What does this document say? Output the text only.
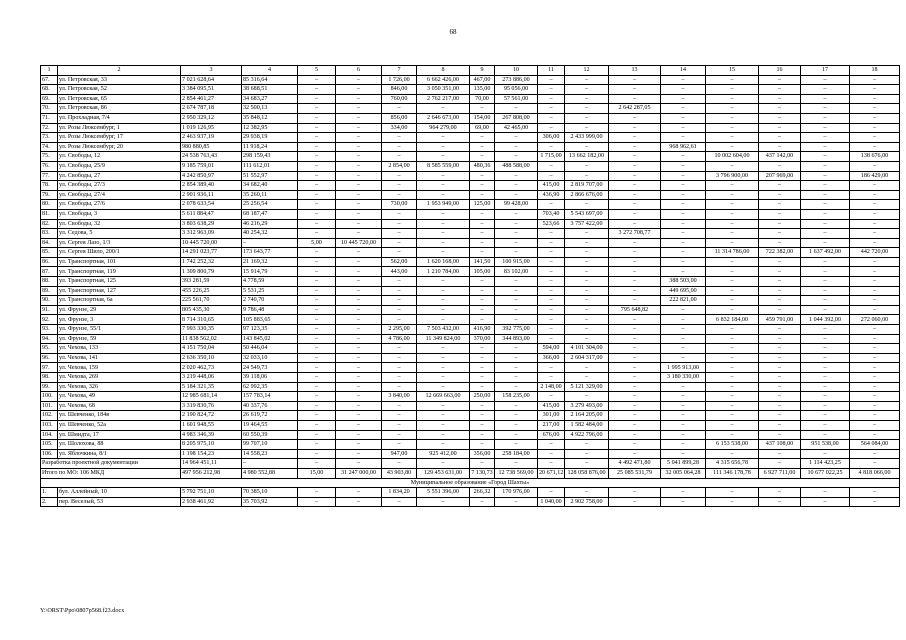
68
1	2	3	4	5	6	7	8	9	10	11	12	13	14	15	16	17	18
67.	ул. Петровская, 33	7 021 628,64	85 316,64	–	–	1 726,00	6 662 426,00	467,00	273 886,00	–	–	–	–	–	–	–	–
68.	ул. Петровская, 52	3 384 095,51	38 688,51	–	–	846,00	3 050 351,00	135,00	95 056,00	–	–	–	–	–	–	–	–
69.	ул. Петровская, 65	2 854 461,27	34 683,27	–	–	760,00	2 762 217,00	70,00	57 561,00	–	–	–	–	–	–	–	–
70.	ул. Петровская, 86	2 674 787,18	32 500,13	–	–	–	–	–	–	–	–	2 642 287,05	–	–	–	–	–
71.	ул. Прохладная, 7/4	2 950 329,12	35 848,12	–	–	856,00	2 646 673,00	154,00	267 808,00	–	–	–	–	–	–	–	–
72.	ул. Розы Люксембург, 1	1 019 126,95	12 382,95	–	–	334,00	964 279,00	69,00	42 465,00	–	–	–	–	–	–	–	–
73.	ул. Розы Люксембург, 17	2 463 937,19	29 938,19	–	–	–	–	–	–	306,00	2 433 999,00	–	–	–	–	–	–
74.	ул. Розы Люксембург, 20	980 880,85	11 918,24	–	–	–	–	–	–	–	–	–	968 962,61	–	–	–	–
75.	ул. Свободы, 12	24 538 763,43	298 159,43	–	–	–	–	–	–	1 715,00	13 662 182,00	–	–	10 002 604,00	437 142,00	–	138 676,00
76.	ул. Свободы, 25/9	9 185 759,01	111 612,01	–	–	2 854,00	8 585 559,00	480,36	488 588,00	–	–	–	–	–	–	–	–
77.	ул. Свободы, 27	4 242 850,97	51 552,97	–	–	–	–	–	–	–	–	–	–	3 796 900,00	207 969,00	–	186 429,00
78.	ул. Свободы, 27/3	2 854 389,40	34 682,40	–	–	–	–	–	–	415,00	2 819 707,00	–	–	–	–	–	–
79.	ул. Свободы, 27/4	2 901 936,11	35 260,11	–	–	–	–	–	–	436,90	2 866 676,00	–	–	–	–	–	–
80.	ул. Свободы, 27/6	2 078 633,54	25 256,54	–	–	730,00	1 953 949,00	125,00	99 428,00	–	–	–	–	–	–	–	–
81.	ул. Свободы, 3	5 611 884,47	68 187,47	–	–	–	–	–	–	703,40	5 543 697,00	–	–	–	–	–	–
82.	ул. Свободы, 32	3 803 638,29	46 216,29	–	–	–	–	–	–	523,66	3 757 422,00	–	–	–	–	–	–
83.	ул. Седова, 5	3 312 963,09	40 254,32	–	–	–	–	–	–	–	–	3 272 708,77	–	–	–	–	–
84.	ул. Сергея Лазо, 1/3	10 445 720,00	–	5,00	10 445 720,00	–	–	–	–	–	–	–	–	–	–	–	–
85.	ул. Сергея Шило, 200/1	14 291 023,77	173 643,77	–	–	–	–	–	–	–	–	–	–	11 314 786,00	722 382,00	1 637 492,00	442 720,00
86.	ул. Транспортная, 101	1 742 252,32	21 169,32	–	–	562,00	1 620 168,00	141,50	100 915,00	–	–	–	–	–	–	–	–
87.	ул. Транспортная, 119	1 309 800,79	15 914,79	–	–	443,00	1 210 784,00	105,00	83 102,00	–	–	–	–	–	–	–	–
88.	ул. Транспортная, 125	393 281,59	4 778,59	–	–	–	–	–	–	–	–	–	388 503,00	–	–	–	–
89.	ул. Транспортная, 127	455 226,25	5 531,25	–	–	–	–	–	–	–	–	–	449 695,00	–	–	–	–
90.	ул. Транспортная, 6а	225 561,70	2 740,70	–	–	–	–	–	–	–	–	–	222 821,00	–	–	–	–
91.	ул. Фрунзе, 29	805 435,30	9 786,48	–	–	–	–	–	–	–	–	795 648,82	–	–	–	–	–
92.	ул. Фрунзе, 3	8 714 310,65	105 883,65	–	–	–	–	–	–	–	–	–	–	6 832 184,00	459 791,00	1 044 392,00	272 060,00
93.	ул. Фрунзе, 55/1	7 993 330,35	97 123,35	–	–	2 295,00	7 503 432,00	416,90	392 775,00	–	–	–	–	–	–	–	–
94.	ул. Фрунзе, 59	11 838 562,02	143 845,02	–	–	4 786,00	11 349 824,00	370,00	344 893,00	–	–	–	–	–	–	–	–
95.	ул. Чехова, 133	4 151 750,04	50 446,04	–	–	–	–	–	–	594,00	4 101 304,00	–	–	–	–	–	–
96.	ул. Чехова, 141	2 636 350,10	32 033,10	–	–	–	–	–	–	366,00	2 604 317,00	–	–	–	–	–	–
97.	ул. Чехова, 159	2 020 462,73	24 549,73	–	–	–	–	–	–	–	–	–	1 995 913,00	–	–	–	–
98.	ул. Чехова, 269	3 219 448,06	39 118,06	–	–	–	–	–	–	–	–	–	3 180 330,00	–	–	–	–
99.	ул. Чехова, 326	5 184 321,35	62 992,35	–	–	–	–	–	–	2 148,00	5 121 329,00	–	–	–	–	–	–
100.	ул. Чехова, 49	12 985 681,14	157 783,14	–	–	3 840,00	12 669 663,00	250,00	158 235,00	–	–	–	–	–	–	–	–
101.	ул. Чехова, 68	3 319 830,76	40 337,76	–	–	–	–	–	–	415,00	3 279 493,00	–	–	–	–	–	–
102.	ул. Шевченко, 184в	2 190 824,72	26 619,72	–	–	–	–	–	–	301,00	2 164 205,00	–	–	–	–	–	–
103.	ул. Шевченко, 52а	1 601 948,55	19 464,55	–	–	–	–	–	–	217,00	1 582 484,00	–	–	–	–	–	–
104.	ул. Шмидта, 17	4 983 346,39	60 550,39	–	–	–	–	–	–	676,00	4 922 796,00	–	–	–	–	–	–
105.	ул. Шолохова, 88	8 205 975,10	99 707,10	–	–	–	–	–	–	–	–	–	–	6 153 538,00	437 108,00	951 538,00	564 084,00
106.	ул. Яблочкина, 8/1	1 198 154,23	14 558,23	–	–	947,00	925 412,00	356,00	258 184,00	–	–	–	–	–	–	–	–
Разработка проектной документации		14 964 451,11	–	–	–	–	–	–	–	–	–	4 492 471,80	5 041 899,28	4 315 656,78	–	1 114 423,25	–
Итого по МО: 106 МКД		497 956 212,98	4 980 552,88	15,00	31 247 000,00	43 903,80	129 453 631,00	7 130,73	12 738 569,00	20 671,12	128 058 876,00	25 085 531,79	32 005 064,28	111 346 178,78	6 927 711,00	10 677 022,25	4 818 066,00
Муниципальное образование «Город Шахты»																	
1.	бул. Аллейный, 10	5 792 751,10	70 385,10	–	–	1 834,20	5 551 396,00	266,32	170 976,00	–	–	–	–	–	–	–	–
2.	пер. Веселый, 53	2 938 461,92	35 703,92	–	–	–	–	–	–	1 040,00	2 902 758,00	–	–	–	–	–	–
Y:\ORST\Ppo\0807p568.f23.docx
